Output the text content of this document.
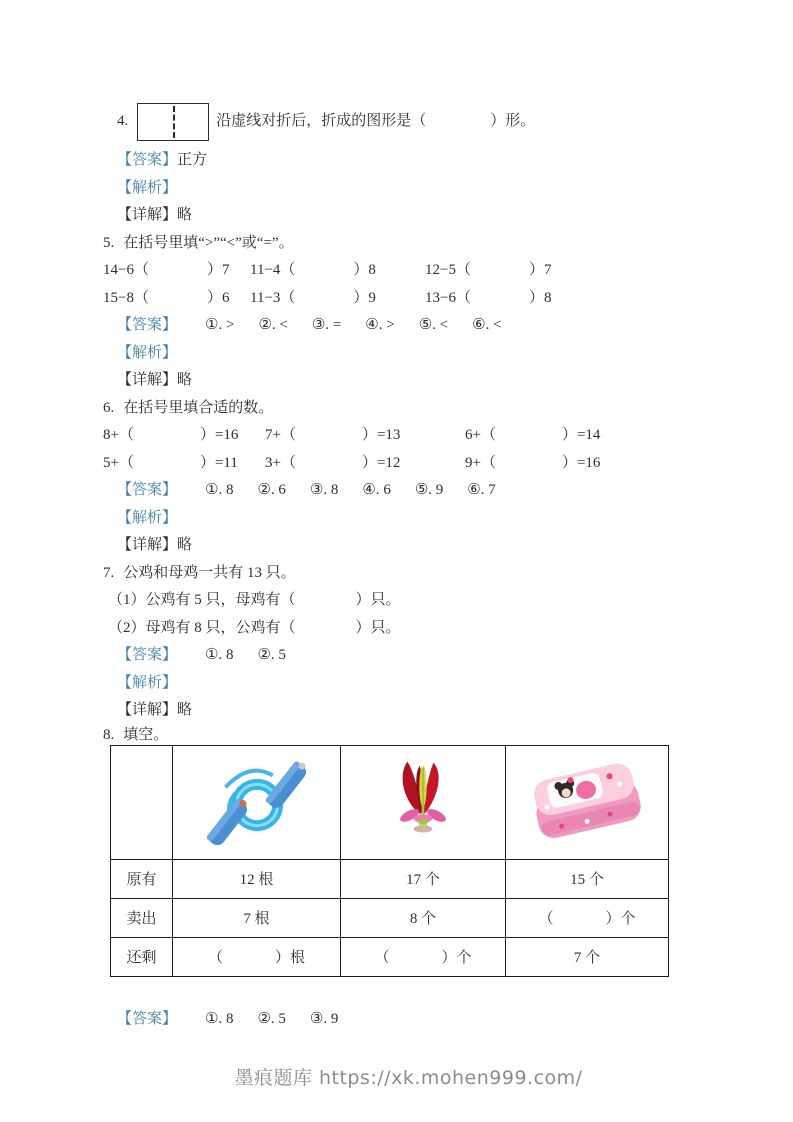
4.	沿虚线对折后，折成的图形是（	）形。
【答案】 正方
【解析】
【详解】略
5. 在括号里填“>”“<”或“=”。
14−6（	）7	11−4（	）8	12−5（	）7
15−8（	）6	11−3（	）9	13−6（	）8
【答案】 ①. > ②. < ③. = ④. > ⑤. < ⑥. <
【解析】
【详解】略
6. 在括号里填合适的数。
8+（	）=16	7+（	）=13	6+（	）=14
5+（	）=11	3+（	）=12	9+（	）=16
【答案】 ①. 8 ②. 6 ③. 8 ④. 6 ⑤. 9 ⑥. 7
【解析】
【详解】略
7. 公鸡和母鸡一共有 13 只。
（1）公鸡有 5 只，母鸡有（	）只。
（2）母鸡有 8 只，公鸡有（	）只。
【答案】 ①. 8 ②. 5
【解析】
【详解】略
8. 填空。

原有	12 根	17 个	15 个
卖出	7 根	8 个	（ ）个
还剩	（ ）根	（ ）个	7 个
【答案】 ①. 8 ②. 5 ③. 9
墨痕题库 https://xk.mohen999.com/
